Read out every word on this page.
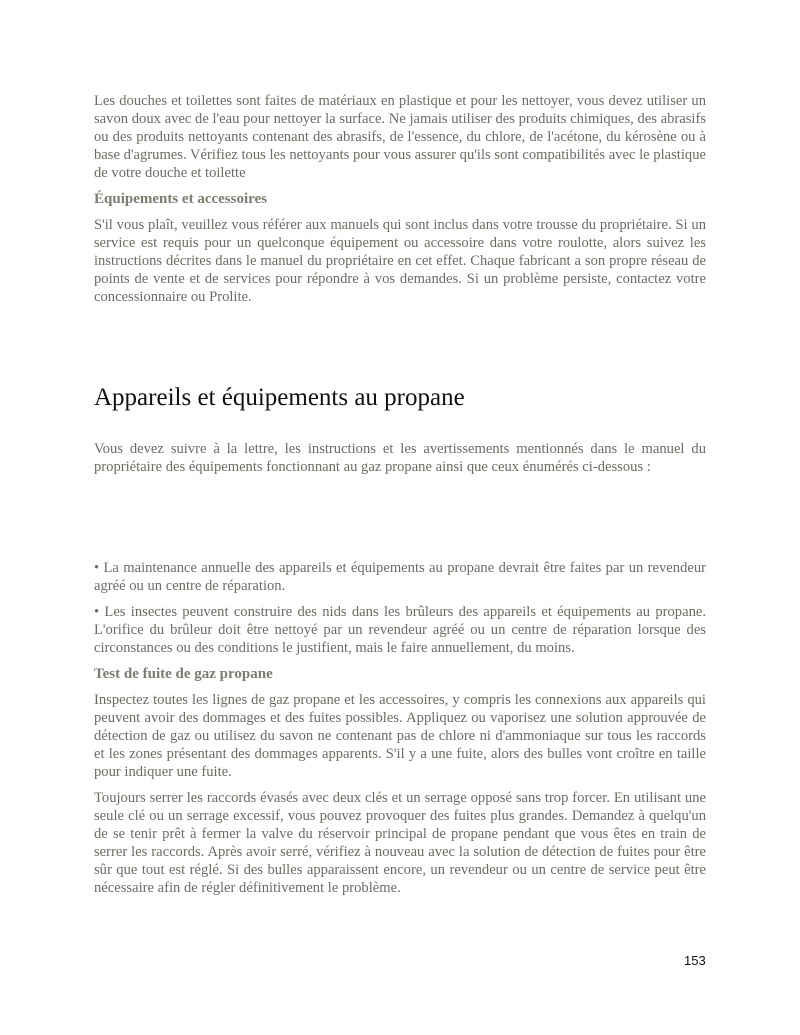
Les douches et toilettes sont faites de matériaux en plastique et pour les nettoyer, vous devez utiliser un savon doux avec de l'eau pour nettoyer la surface. Ne jamais utiliser des produits chimiques, des abrasifs ou des produits nettoyants contenant des abrasifs, de l'essence, du chlore, de l'acétone, du kérosène ou à base d'agrumes. Vérifiez tous les nettoyants pour vous assurer qu'ils sont compatibilités avec le plastique de votre douche et toilette

Équipements et accessoires

S'il vous plaît, veuillez vous référer aux manuels qui sont inclus dans votre trousse du propriétaire. Si un service est requis pour un quelconque équipement ou accessoire dans votre roulotte, alors suivez les instructions décrites dans le manuel du propriétaire en cet effet. Chaque fabricant a son propre réseau de points de vente et de services pour répondre à vos demandes. Si un problème persiste, contactez votre concessionnaire ou Prolite.

Appareils et équipements au propane

Vous devez suivre à la lettre, les instructions et les avertissements mentionnés dans le manuel du propriétaire des équipements fonctionnant au gaz propane ainsi que ceux énumérés ci-dessous :

• La maintenance annuelle des appareils et équipements au propane devrait être faites par un revendeur agréé ou un centre de réparation.

• Les insectes peuvent construire des nids dans les brûleurs des appareils et équipements au propane. L'orifice du brûleur doit être nettoyé par un revendeur agréé ou un centre de réparation lorsque des circonstances ou des conditions le justifient, mais le faire annuellement, du moins.

Test de fuite de gaz propane

Inspectez toutes les lignes de gaz propane et les accessoires, y compris les connexions aux appareils qui peuvent avoir des dommages et des fuites possibles. Appliquez ou vaporisez une solution approuvée de détection de gaz ou utilisez du savon ne contenant pas de chlore ni d'ammoniaque sur tous les raccords et les zones présentant des dommages apparents. S'il y a une fuite, alors des bulles vont croître en taille pour indiquer une fuite.

Toujours serrer les raccords évasés avec deux clés et un serrage opposé sans trop forcer. En utilisant une seule clé ou un serrage excessif, vous pouvez provoquer des fuites plus grandes. Demandez à quelqu'un de se tenir prêt à fermer la valve du réservoir principal de propane pendant que vous êtes en train de serrer les raccords. Après avoir serré, vérifiez à nouveau avec la solution de détection de fuites pour être sûr que tout est réglé. Si des bulles apparaissent encore, un revendeur ou un centre de service peut être nécessaire afin de régler définitivement le problème.

153
